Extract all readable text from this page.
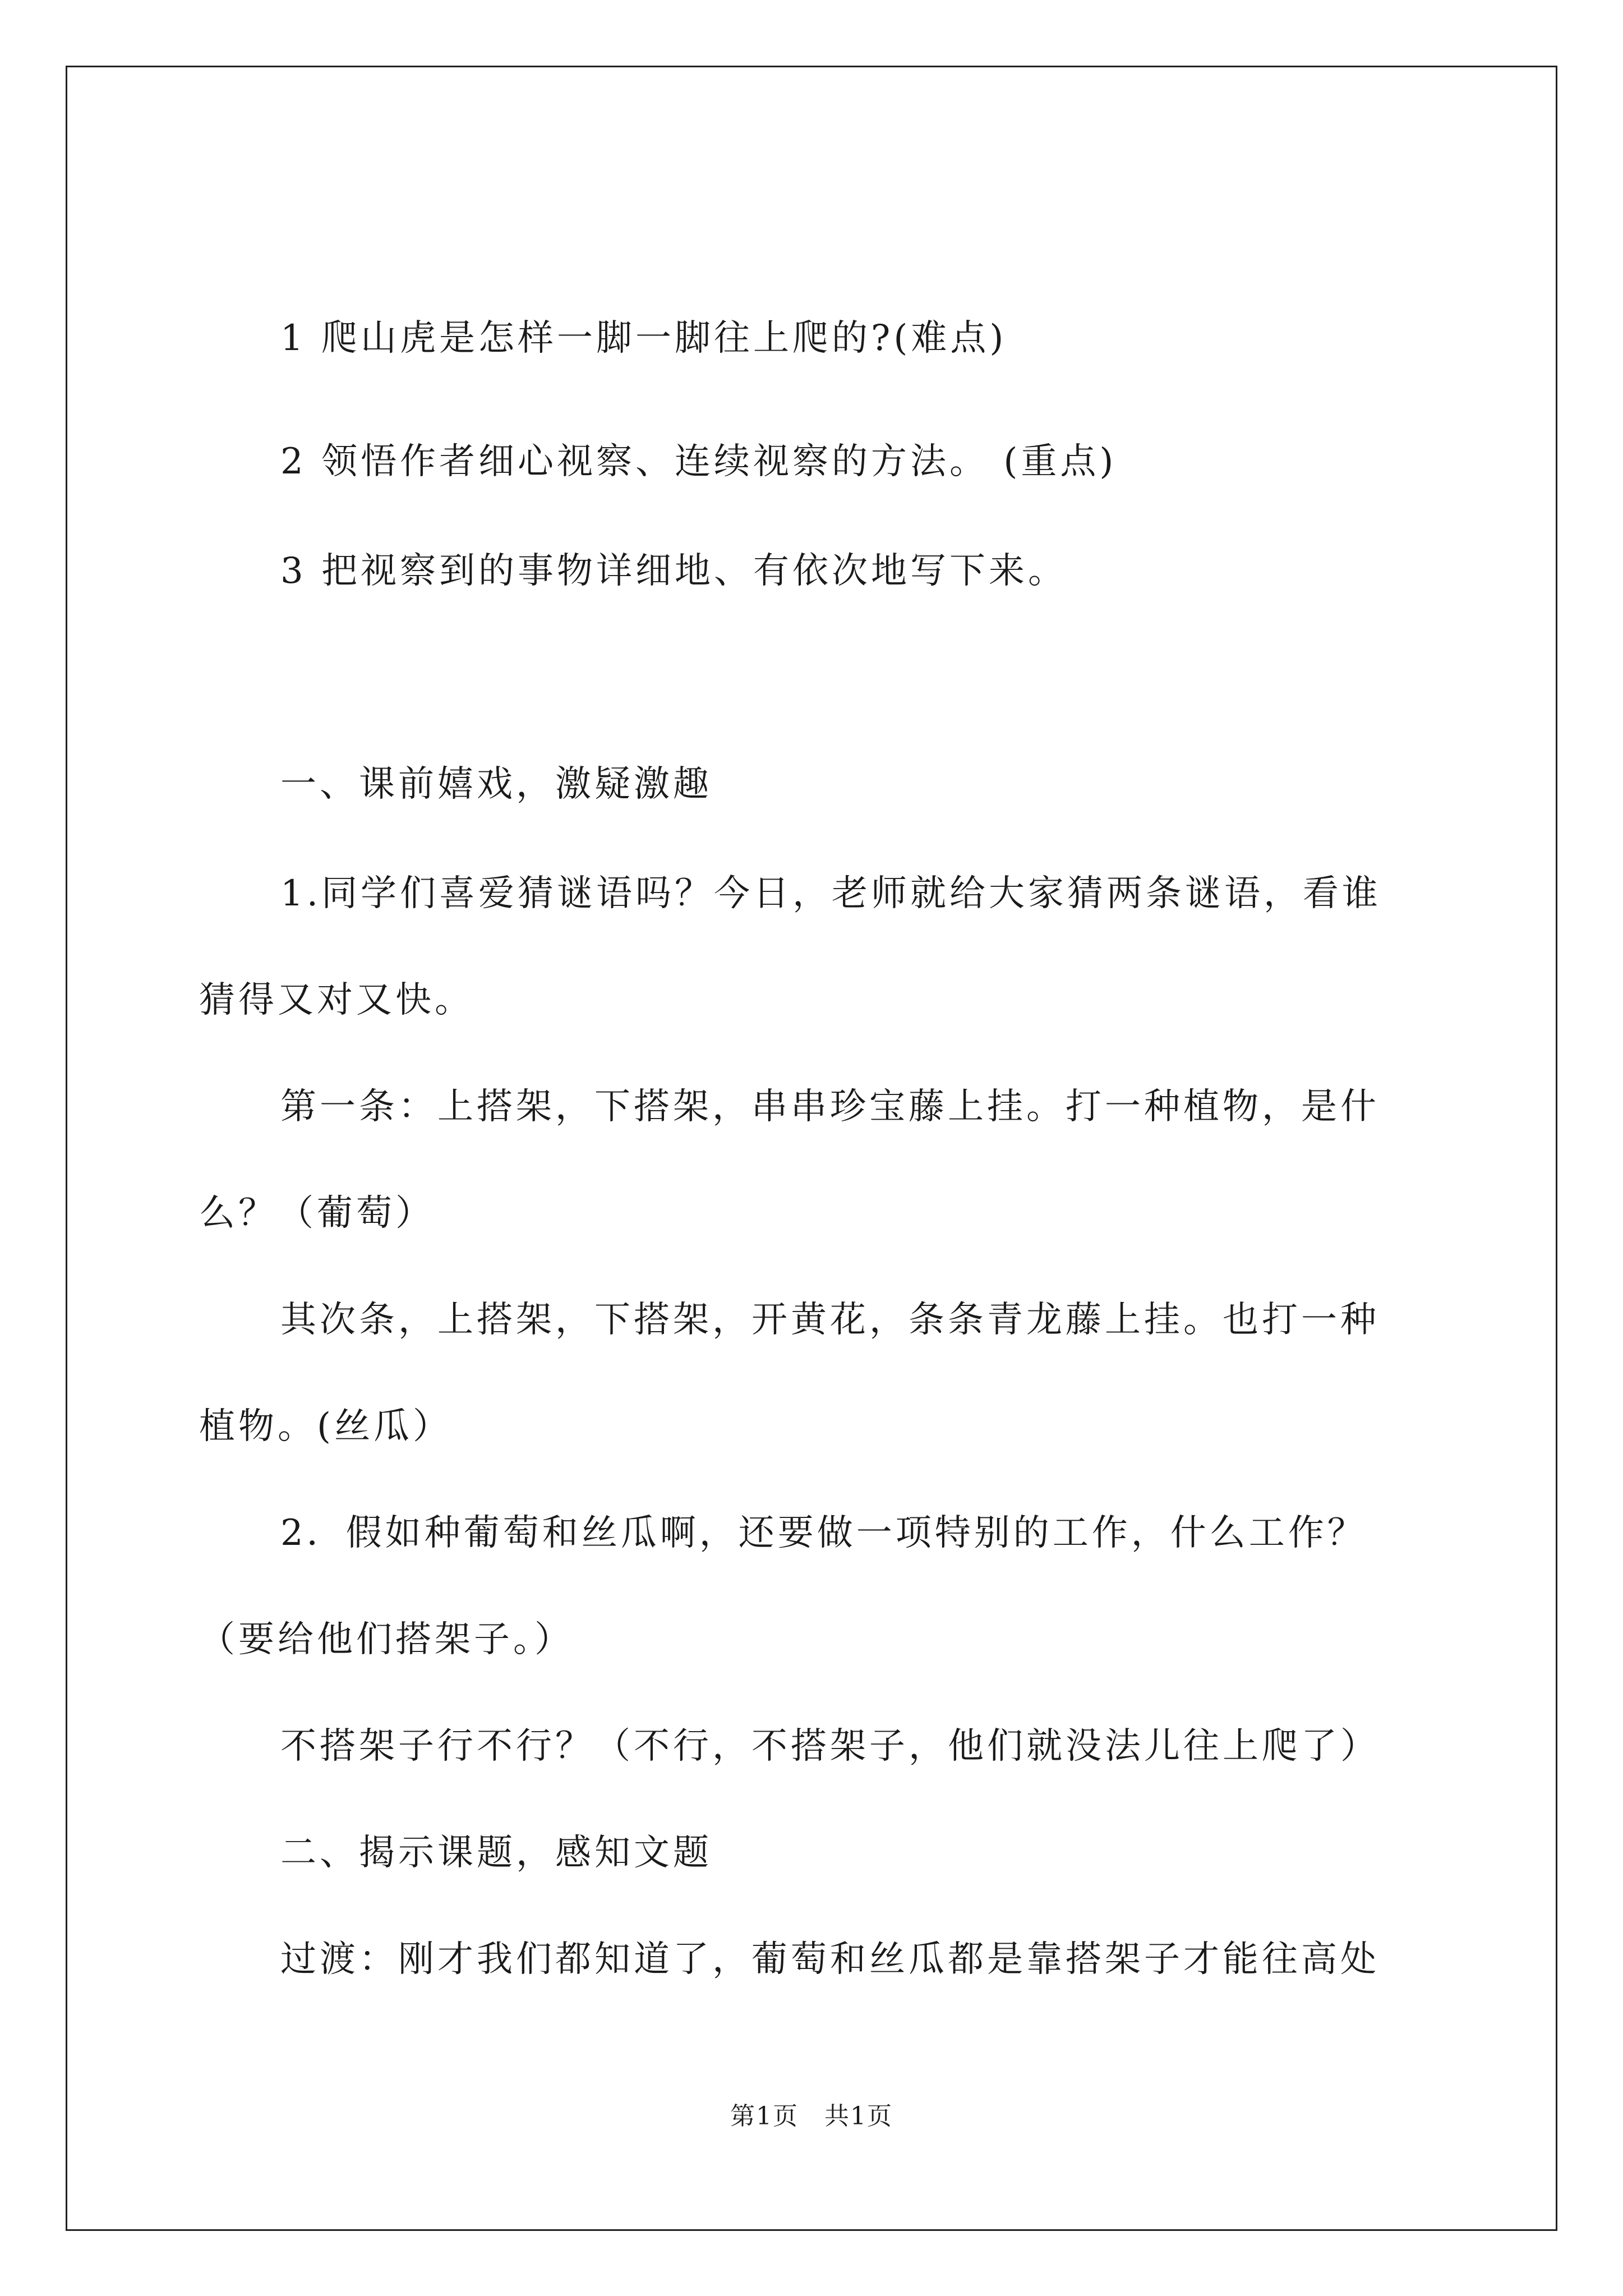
1 爬山虎是怎样一脚一脚往上爬的?(难点)

2 领悟作者细心视察、连续视察的方法。 (重点)

3 把视察到的事物详细地、有依次地写下来。

一、课前嬉戏，激疑激趣

1.同学们喜爱猜谜语吗？今日，老师就给大家猜两条谜语，看谁

猜得又对又快。

第一条：上搭架，下搭架，串串珍宝藤上挂。打一种植物，是什

么？（葡萄）

其次条，上搭架，下搭架，开黄花，条条青龙藤上挂。也打一种

植物。(丝瓜）

2．假如种葡萄和丝瓜啊，还要做一项特别的工作，什么工作？

（要给他们搭架子。）

不搭架子行不行？（不行，不搭架子，他们就没法儿往上爬了）

二、揭示课题，感知文题

过渡：刚才我们都知道了，葡萄和丝瓜都是靠搭架子才能往高处

第1页　共1页
